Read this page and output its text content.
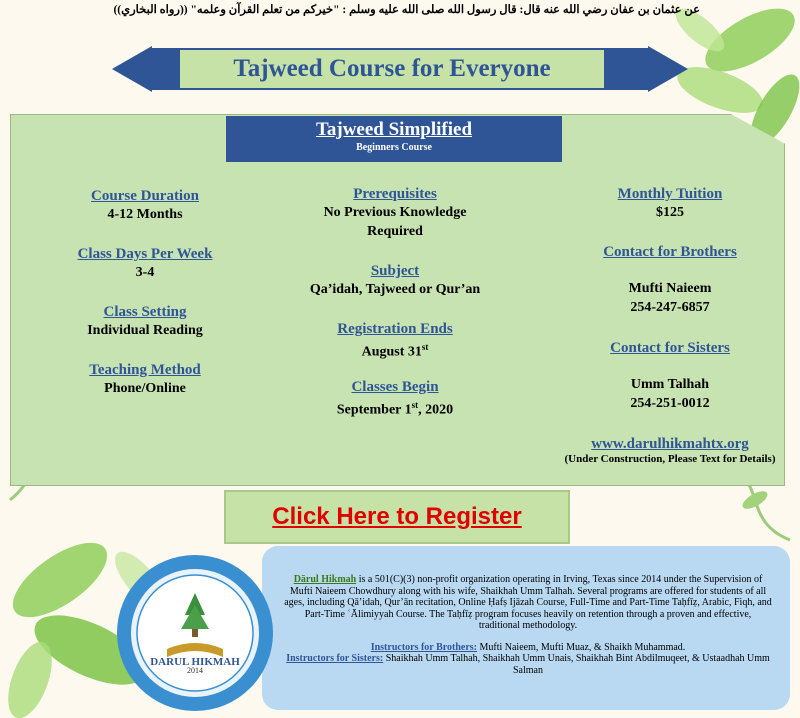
عن عثمان بن عفان رضي الله عنه قال: قال رسول الله صلى الله عليه وسلم : "خيركم من تعلم القرآن وعلمه" ((رواه البخاري))
Tajweed Course for Everyone
Tajweed Simplified
Beginners Course
Course Duration
4-12 Months
Class Days Per Week
3-4
Class Setting
Individual Reading
Teaching Method
Phone/Online
Prerequisites
No Previous Knowledge
Required
Subject
Qa’idah, Tajweed or Qur’an
Registration Ends
August 31st
Classes Begin
September 1st, 2020
Monthly Tuition
$125
Contact for Brothers
Mufti Naieem
254-247-6857
Contact for Sisters
Umm Talhah
254-251-0012
www.darulhikmahtx.org
(Under Construction, Please Text for Details)
Click Here to Register

Dārul Hikmah is a 501(C)(3) non-profit organization operating in Irving, Texas since 2014 under the Supervision of Mufti Naieem Chowdhury along with his wife, Shaikhah Umm Talhah. Several programs are offered for students of all ages, including Qā’idah, Qur’ān recitation, Online Ḥafṣ Ijāzah Course, Full-Time and Part-Time Taḥfīẓ, Arabic, Fiqh, and Part-Time ʿĀlimiyyah Course. The Taḥfīẓ program focuses heavily on retention through a proven and effective, traditional methodology.

Instructors for Brothers: Mufti Naieem, Mufti Muaz, & Shaikh Muhammad.

Instructors for Sisters: Shaikhah Umm Talhah, Shaikhah Umm Unais, Shaikhah Bint Abdilmuqeet, & Ustaadhah Umm Salman

2014
DARUL HIKMAH
